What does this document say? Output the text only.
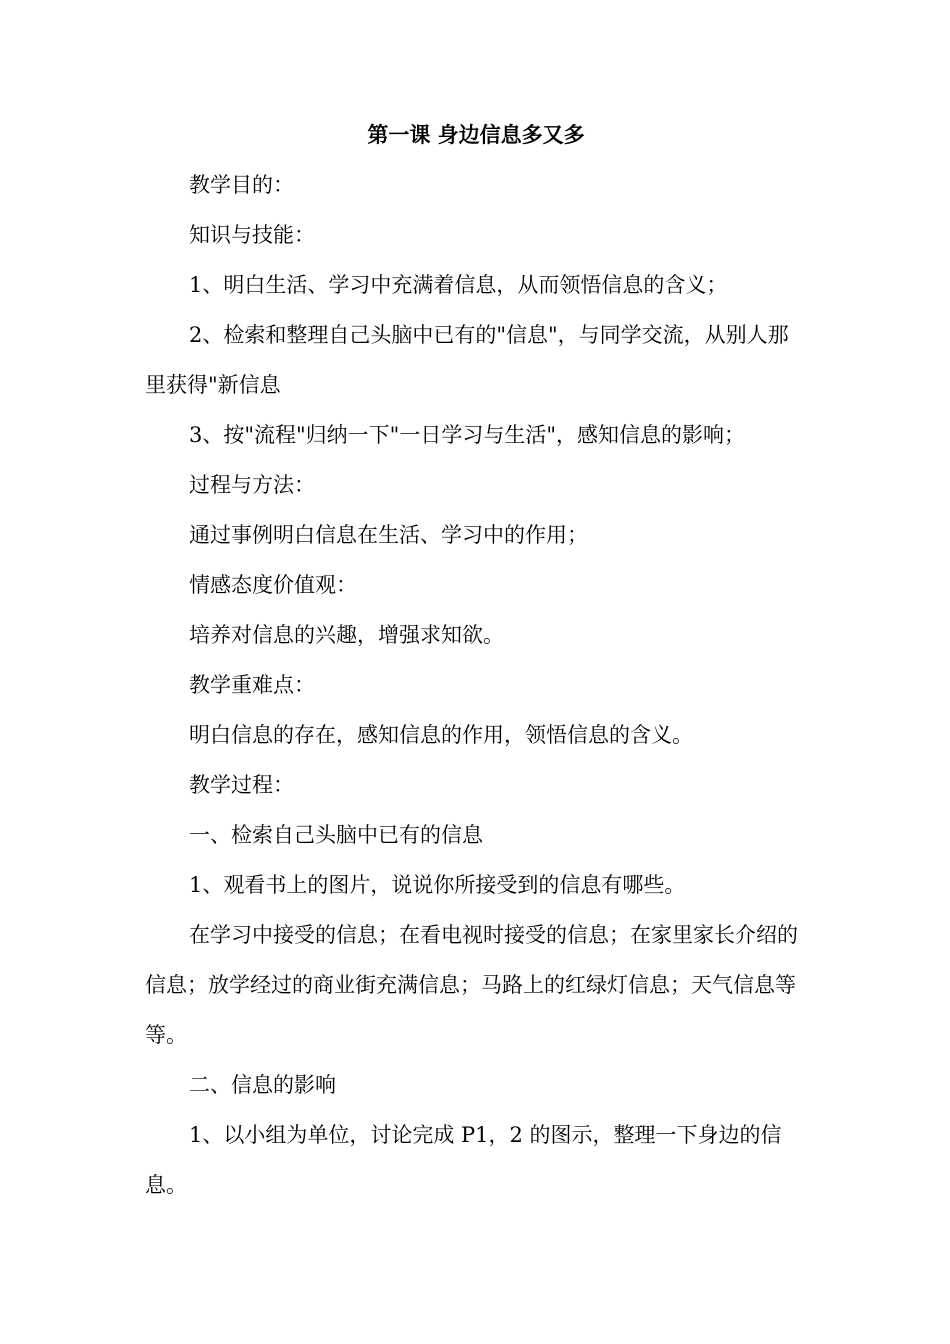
第一课 身边信息多又多

教学目的：

知识与技能：

1、明白生活、学习中充满着信息，从而领悟信息的含义；

2、检索和整理自己头脑中已有的"信息"，与同学交流，从别人那里获得"新信息

3、按"流程"归纳一下"一日学习与生活"，感知信息的影响；

过程与方法：

通过事例明白信息在生活、学习中的作用；

情感态度价值观：

培养对信息的兴趣，增强求知欲。

教学重难点：

明白信息的存在，感知信息的作用，领悟信息的含义。

教学过程：

一、检索自己头脑中已有的信息

1、观看书上的图片，说说你所接受到的信息有哪些。

在学习中接受的信息；在看电视时接受的信息；在家里家长介绍的信息；放学经过的商业街充满信息；马路上的红绿灯信息；天气信息等等。

二、信息的影响

1、以小组为单位，讨论完成 P1，2 的图示，整理一下身边的信息。
